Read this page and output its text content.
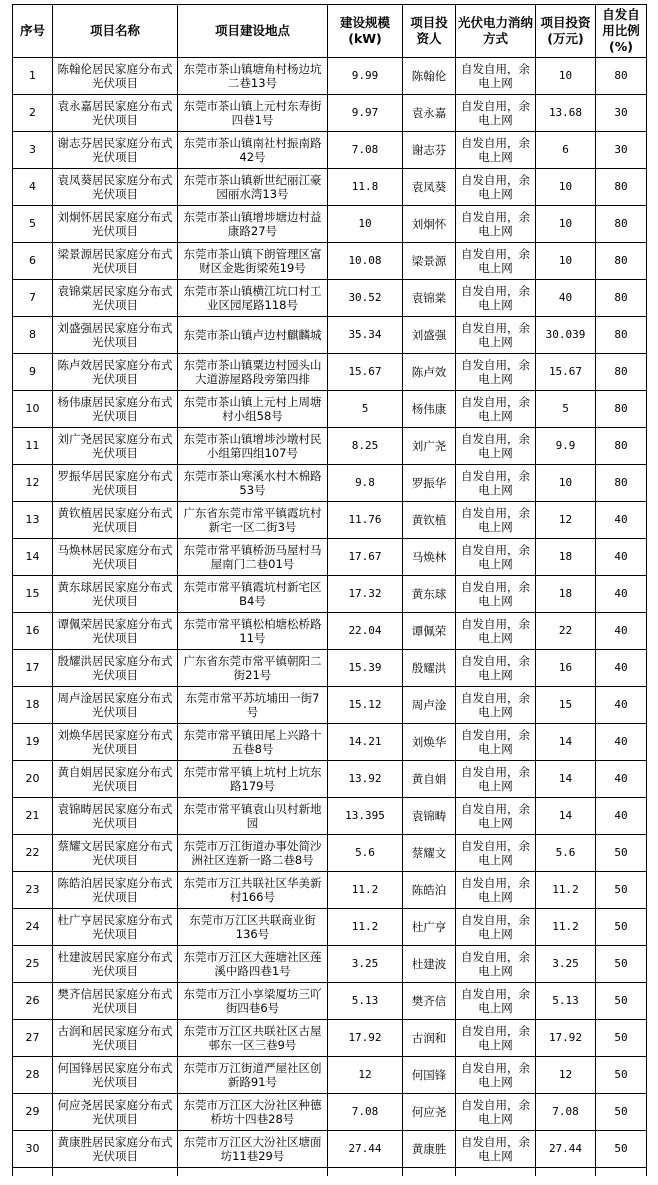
序号	项目名称	项目建设地点	建设规模(kW)	项目投资人	光伏电力消纳方式	项目投资(万元)	自发自用比例(%)
1	陈翰伦居民家庭分布式光伏项目	东莞市茶山镇塘角村杨边坑二巷13号	9.99	陈翰伦	自发自用，余电上网	10	80
2	袁永嘉居民家庭分布式光伏项目	东莞市茶山镇上元村东寿街四巷1号	9.97	袁永嘉	自发自用，余电上网	13.68	30
3	谢志芬居民家庭分布式光伏项目	东莞市茶山镇南社村振南路42号	7.08	谢志芬	自发自用，余电上网	6	30
4	袁凤葵居民家庭分布式光伏项目	东莞市茶山镇新世纪丽江豪园丽水湾13号	11.8	袁凤葵	自发自用，余电上网	10	80
5	刘炯怀居民家庭分布式光伏项目	东莞市茶山镇增埗塘边村益康路27号	10	刘炯怀	自发自用，余电上网	10	80
6	梁景源居民家庭分布式光伏项目	东莞市茶山镇下朗管理区富财区金匙街梁苑19号	10.08	梁景源	自发自用，余电上网	10	80
7	袁锦棠居民家庭分布式光伏项目	东莞市茶山镇横江坑口村工业区园尾路118号	30.52	袁锦棠	自发自用，余电上网	40	80
8	刘盛强居民家庭分布式光伏项目	东莞市茶山镇卢边村麒麟城	35.34	刘盛强	自发自用，余电上网	30.039	80
9	陈卢效居民家庭分布式光伏项目	东莞市茶山镇粟边村园头山大道游屋路段旁第四排	15.67	陈卢效	自发自用，余电上网	15.67	80
10	杨伟康居民家庭分布式光伏项目	东莞市茶山镇上元村上周塘村小组58号	5	杨伟康	自发自用，余电上网	5	80
11	刘广尧居民家庭分布式光伏项目	东莞市茶山镇增埗沙墩村民小组第四组107号	8.25	刘广尧	自发自用，余电上网	9.9	80
12	罗振华居民家庭分布式光伏项目	东莞市茶山寒溪水村木棉路53号	9.8	罗振华	自发自用，余电上网	10	80
13	黄钦植居民家庭分布式光伏项目	广东省东莞市常平镇霞坑村新宅一区二街3号	11.76	黄钦植	自发自用，余电上网	12	40
14	马焕林居民家庭分布式光伏项目	东莞市常平镇桥沥马屋村马屋南门二巷01号	17.67	马焕林	自发自用，余电上网	18	40
15	黄东球居民家庭分布式光伏项目	东莞市常平镇霞坑村新宅区B4号	17.32	黄东球	自发自用，余电上网	18	40
16	谭佩荣居民家庭分布式光伏项目	东莞市常平镇松柏塘松桥路11号	22.04	谭佩荣	自发自用，余电上网	22	40
17	殷耀洪居民家庭分布式光伏项目	广东省东莞市常平镇朝阳二街21号	15.39	殷耀洪	自发自用，余电上网	16	40
18	周卢淦居民家庭分布式光伏项目	东莞市常平苏坑埔田一街7号	15.12	周卢淦	自发自用，余电上网	15	40
19	刘焕华居民家庭分布式光伏项目	东莞市常平镇田尾上兴路十五巷8号	14.21	刘焕华	自发自用，余电上网	14	40
20	黄自娟居民家庭分布式光伏项目	东莞市常平镇上坑村上坑东路179号	13.92	黄自娟	自发自用，余电上网	14	40
21	袁锦畴居民家庭分布式光伏项目	东莞市常平镇袁山贝村新地园	13.395	袁锦畴	自发自用，余电上网	14	40
22	蔡耀文居民家庭分布式光伏项目	东莞市万江街道办事处简沙洲社区连新一路二巷8号	5.6	蔡耀文	自发自用，余电上网	5.6	50
23	陈皓泊居民家庭分布式光伏项目	东莞市万江共联社区华美新村166号	11.2	陈皓泊	自发自用，余电上网	11.2	50
24	杜广亨居民家庭分布式光伏项目	东莞市万江区共联商业街136号	11.2	杜广亨	自发自用，余电上网	11.2	50
25	杜建波居民家庭分布式光伏项目	东莞市万江区大莲塘社区莲溪中路四巷1号	3.25	杜建波	自发自用，余电上网	3.25	50
26	樊齐信居民家庭分布式光伏项目	东莞市万江小享梁厦坊三吖街四巷6号	5.13	樊齐信	自发自用，余电上网	5.13	50
27	古润和居民家庭分布式光伏项目	东莞市万江区共联社区古屋邨东一区三巷9号	17.92	古润和	自发自用，余电上网	17.92	50
28	何国锋居民家庭分布式光伏项目	东莞市万江街道严屋社区创新路91号	12	何国锋	自发自用，余电上网	12	50
29	何应尧居民家庭分布式光伏项目	东莞市万江区大汾社区种德桥坊十四巷28号	7.08	何应尧	自发自用，余电上网	7.08	50
30	黄康胜居民家庭分布式光伏项目	东莞市万江区大汾社区塘面坊11巷29号	27.44	黄康胜	自发自用，余电上网	27.44	50
